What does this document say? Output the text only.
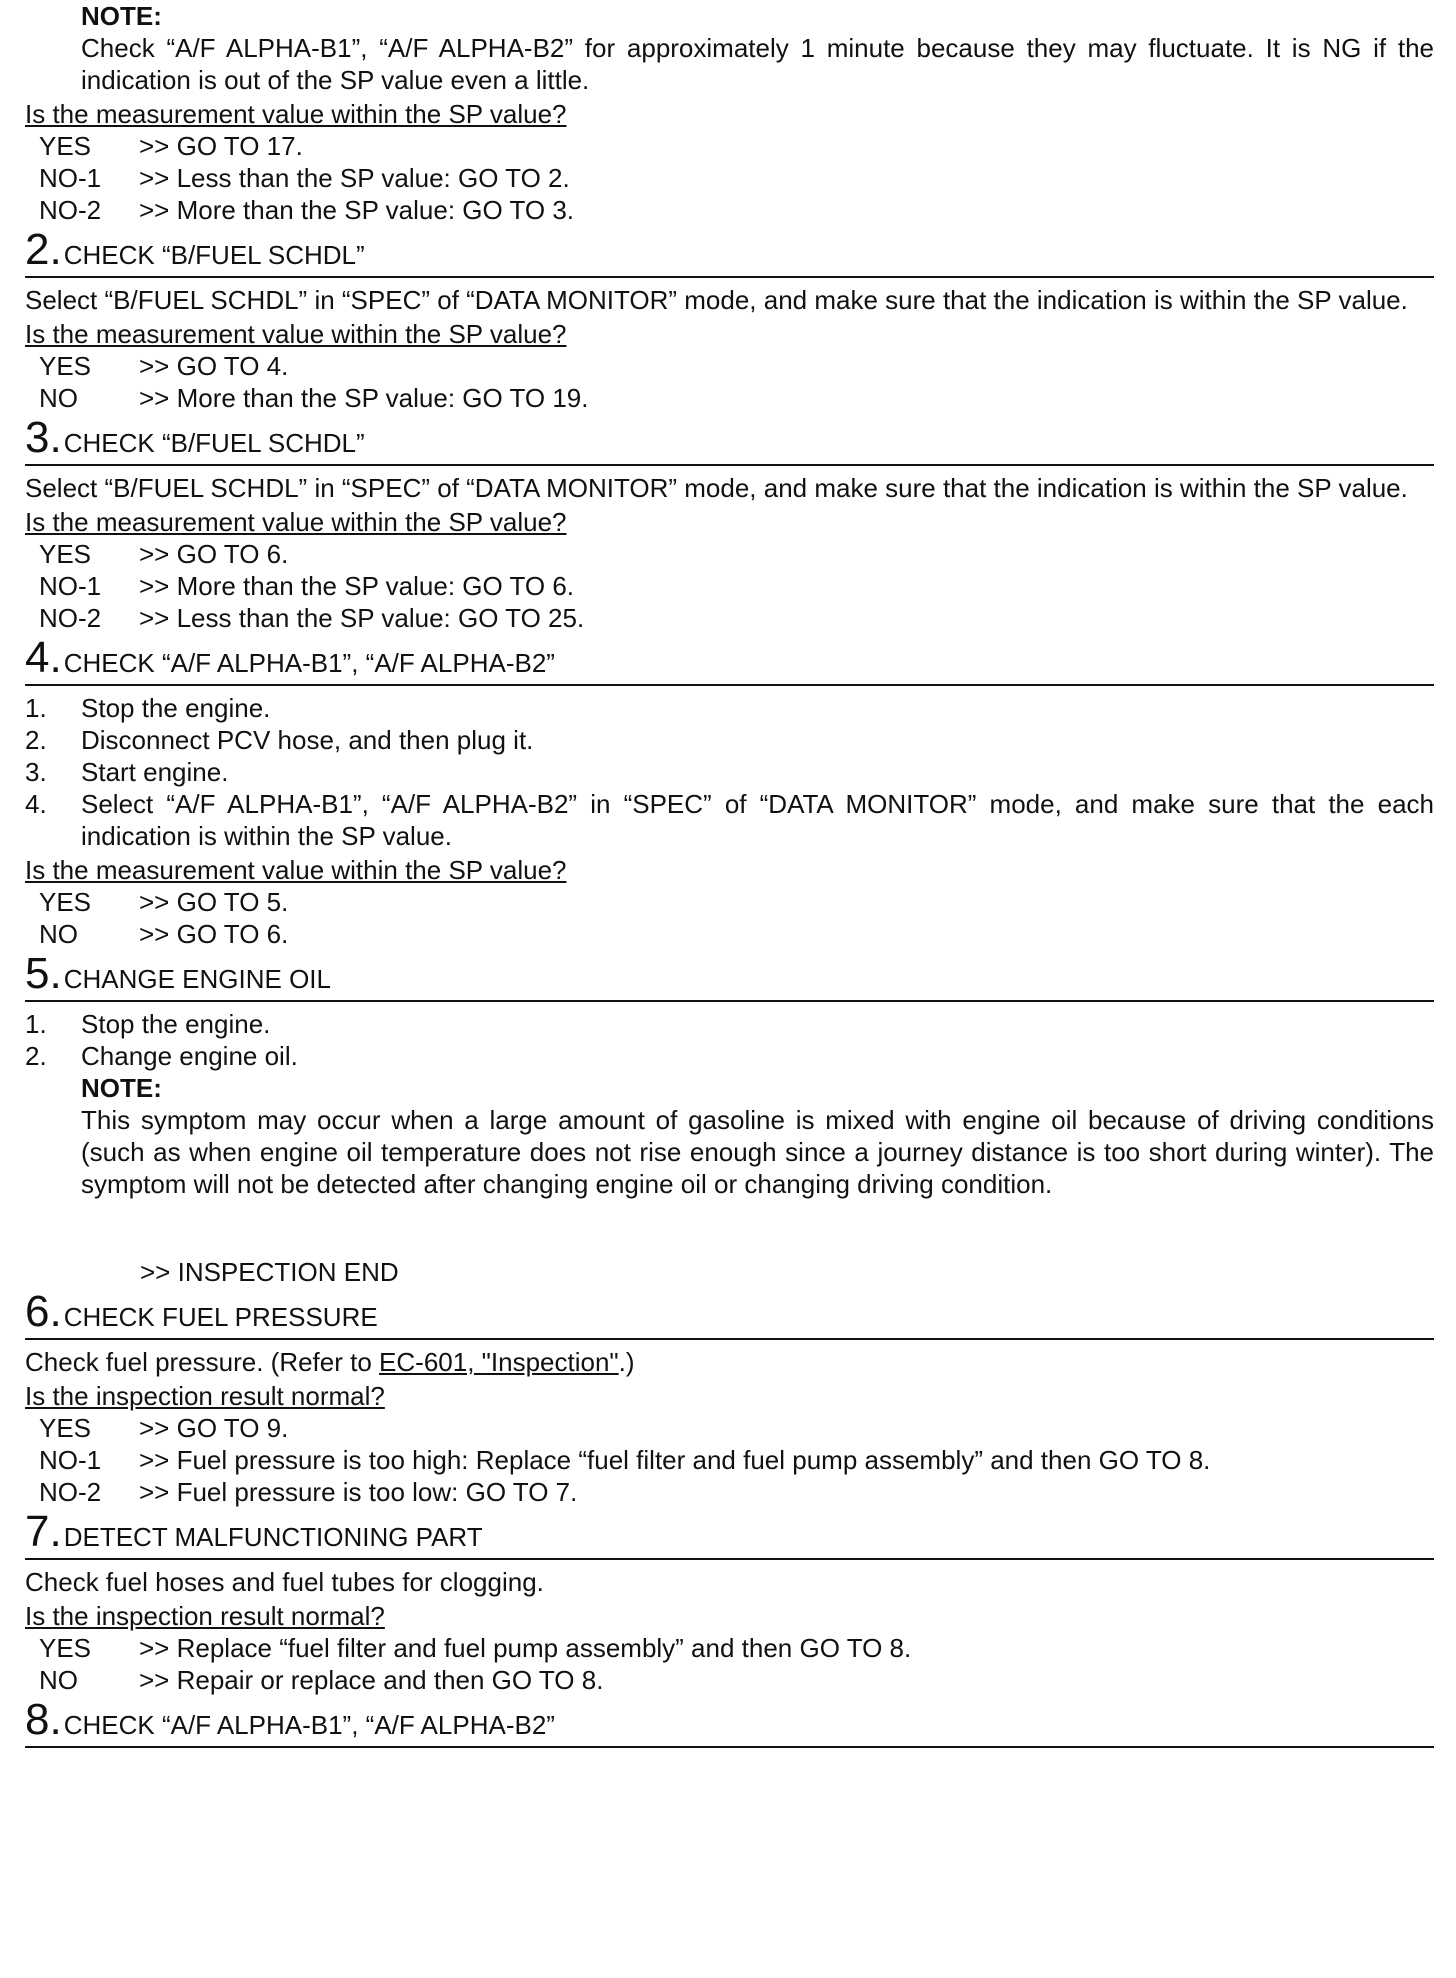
NOTE:
Check “A/F ALPHA-B1”, “A/F ALPHA-B2” for approximately 1 minute because they may fluctuate. It is NG if the indication is out of the SP value even a little.
Is the measurement value within the SP value?
YES	>> GO TO 17.
NO-1	>> Less than the SP value: GO TO 2.
NO-2	>> More than the SP value: GO TO 3.
2. CHECK “B/FUEL SCHDL”
Select “B/FUEL SCHDL” in “SPEC” of “DATA MONITOR” mode, and make sure that the indication is within the SP value.
Is the measurement value within the SP value?
YES	>> GO TO 4.
NO	>> More than the SP value: GO TO 19.
3. CHECK “B/FUEL SCHDL”
Select “B/FUEL SCHDL” in “SPEC” of “DATA MONITOR” mode, and make sure that the indication is within the SP value.
Is the measurement value within the SP value?
YES	>> GO TO 6.
NO-1	>> More than the SP value: GO TO 6.
NO-2	>> Less than the SP value: GO TO 25.
4. CHECK “A/F ALPHA-B1”, “A/F ALPHA-B2”
1.	Stop the engine.
2.	Disconnect PCV hose, and then plug it.
3.	Start engine.
4.	Select “A/F ALPHA-B1”, “A/F ALPHA-B2” in “SPEC” of “DATA MONITOR” mode, and make sure that the each indication is within the SP value.
Is the measurement value within the SP value?
YES	>> GO TO 5.
NO	>> GO TO 6.
5. CHANGE ENGINE OIL
1.	Stop the engine.
2.	Change engine oil.
NOTE:
This symptom may occur when a large amount of gasoline is mixed with engine oil because of driving conditions (such as when engine oil temperature does not rise enough since a journey distance is too short during winter). The symptom will not be detected after changing engine oil or changing driving condition.
>> INSPECTION END
6. CHECK FUEL PRESSURE
Check fuel pressure. (Refer to EC-601, "Inspection".)
Is the inspection result normal?
YES	>> GO TO 9.
NO-1	>> Fuel pressure is too high: Replace “fuel filter and fuel pump assembly” and then GO TO 8.
NO-2	>> Fuel pressure is too low: GO TO 7.
7. DETECT MALFUNCTIONING PART
Check fuel hoses and fuel tubes for clogging.
Is the inspection result normal?
YES	>> Replace “fuel filter and fuel pump assembly” and then GO TO 8.
NO	>> Repair or replace and then GO TO 8.
8. CHECK “A/F ALPHA-B1”, “A/F ALPHA-B2”
